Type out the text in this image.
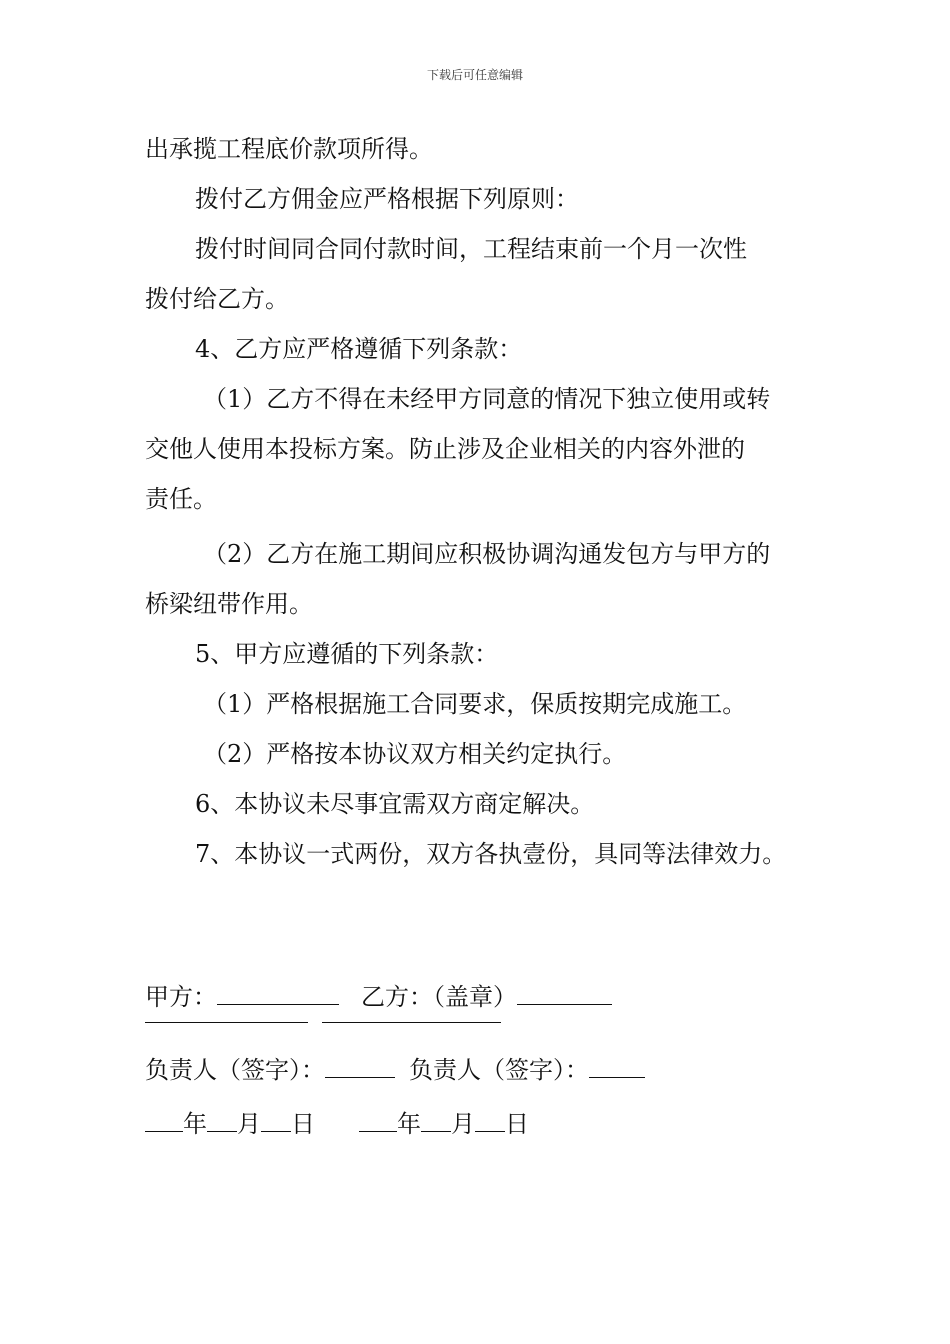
下载后可任意编辑
出承揽工程底价款项所得。
拨付乙方佣金应严格根据下列原则：
拨付时间同合同付款时间，工程结束前一个月一次性
拨付给乙方。
4、乙方应严格遵循下列条款：
（1）乙方不得在未经甲方同意的情况下独立使用或转
交他人使用本投标方案。防止涉及企业相关的内容外泄的
责任。
（2）乙方在施工期间应积极协调沟通发包方与甲方的
桥梁纽带作用。
5、甲方应遵循的下列条款：
（1）严格根据施工合同要求，保质按期完成施工。
（2）严格按本协议双方相关约定执行。
6、本协议未尽事宜需双方商定解决。
7、本协议一式两份，双方各执壹份，具同等法律效力。
甲方：	乙方：（盖章）
负责人（签字）：	负责人（签字）：
年 月 日	年 月 日
